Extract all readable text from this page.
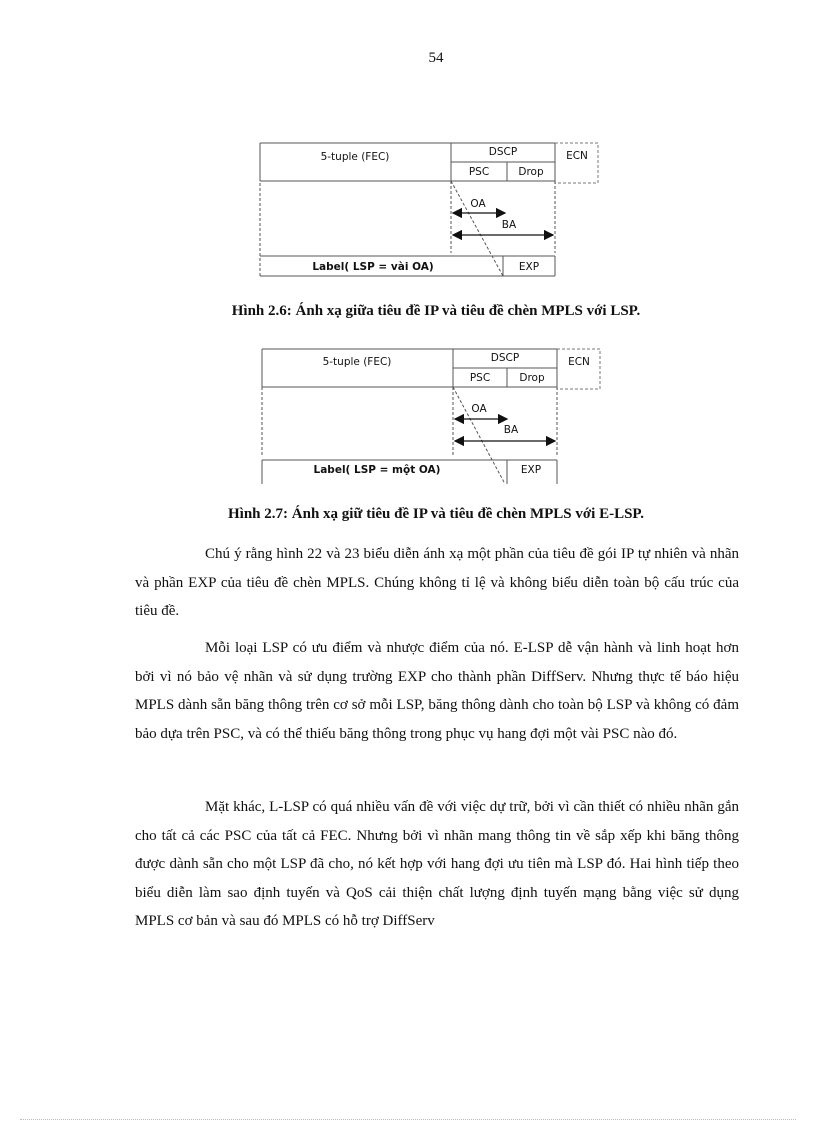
54
5-tuple (FEC)	DSCP	ECN
PSC	Drop
OA
BA
Label( LSP = vài OA)	EXP
Hình 2.6: Ánh xạ giữa tiêu đề IP và tiêu đề chèn MPLS với LSP.
5-tuple (FEC)	DSCP	ECN
PSC	Drop
OA
BA
Label( LSP = một OA)	EXP
Hình 2.7: Ánh xạ giữ tiêu đề IP và tiêu đề chèn MPLS với E-LSP.

Chú ý rằng hình 22 và 23 biểu diễn ánh xạ một phần của tiêu đề gói IP tự nhiên và nhãn và phần EXP của tiêu đề chèn MPLS. Chúng không tỉ lệ và không biểu diễn toàn bộ cấu trúc của tiêu đề.

Mỗi loại LSP có ưu điểm và nhược điểm của nó. E-LSP dễ vận hành và linh hoạt hơn bởi vì nó bảo vệ nhãn và sử dụng trường EXP cho thành phần DiffServ. Nhưng thực tế báo hiệu MPLS dành sẵn băng thông trên cơ sở mỗi LSP, băng thông dành cho toàn bộ LSP và không có đảm bảo dựa trên PSC, và có thể thiếu băng thông trong phục vụ hang đợi một vài PSC nào đó.

Mặt khác, L-LSP có quá nhiều vấn đề với việc dự trữ, bởi vì cần thiết có nhiều nhãn gắn cho tất cả các PSC của tất cả FEC. Nhưng bởi vì nhãn mang thông tin về sắp xếp khi băng thông được dành sẵn cho một LSP đã cho, nó kết hợp với hang đợi ưu tiên mà LSP đó. Hai hình tiếp theo biểu diễn làm sao định tuyến và QoS cải thiện chất lượng định tuyến mạng bằng việc sử dụng MPLS cơ bản và sau đó MPLS có hỗ trợ DiffServ
